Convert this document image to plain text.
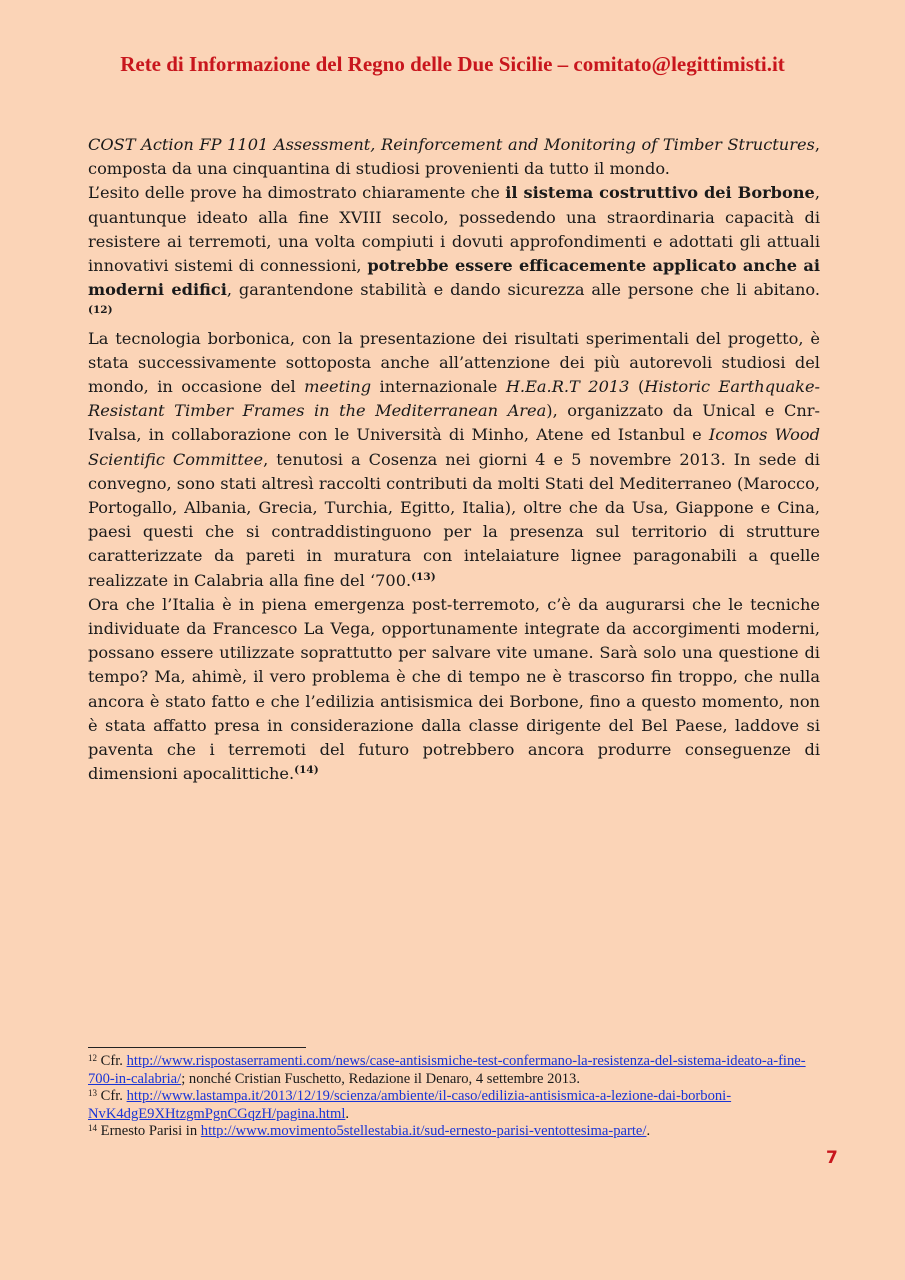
Rete di Informazione del Regno delle Due Sicilie – comitato@legittimisti.it

COST Action FP 1101 Assessment, Reinforcement and Monitoring of Timber Structures, composta da una cinquantina di studiosi provenienti da tutto il mondo.

L’esito delle prove ha dimostrato chiaramente che il sistema costruttivo dei Borbone, quantunque ideato alla fine XVIII secolo, possedendo una straordinaria capacità di resistere ai terremoti, una volta compiuti i dovuti approfondimenti e adottati gli attuali innovativi sistemi di connessioni, potrebbe essere efficacemente applicato anche ai moderni edifici, garantendone stabilità e dando sicurezza alle persone che li abitano.$^{(12)}$

La tecnologia borbonica, con la presentazione dei risultati sperimentali del progetto, è stata successivamente sottoposta anche all’attenzione dei più autorevoli studiosi del mondo, in occasione del meeting internazionale H.Ea.R.T 2013 (Historic Earthquake-Resistant Timber Frames in the Mediterranean Area), organizzato da Unical e Cnr-Ivalsa, in collaborazione con le Università di Minho, Atene ed Istanbul e Icomos Wood Scientific Committee, tenutosi a Cosenza nei giorni 4 e 5 novembre 2013. In sede di convegno, sono stati altresì raccolti contributi da molti Stati del Mediterraneo (Marocco, Portogallo, Albania, Grecia, Turchia, Egitto, Italia), oltre che da Usa, Giappone e Cina, paesi questi che si contraddistinguono per la presenza sul territorio di strutture caratterizzate da pareti in muratura con intelaiature lignee paragonabili a quelle realizzate in Calabria alla fine del ‘700.$^{(13)}$

Ora che l’Italia è in piena emergenza post-terremoto, c’è da augurarsi che le tecniche individuate da Francesco La Vega, opportunamente integrate da accorgimenti moderni, possano essere utilizzate soprattutto per salvare vite umane. Sarà solo una questione di tempo? Ma, ahimè, il vero problema è che di tempo ne è trascorso fin troppo, che nulla ancora è stato fatto e che l’edilizia antisismica dei Borbone, fino a questo momento, non è stata affatto presa in considerazione dalla classe dirigente del Bel Paese, laddove si paventa che i terremoti del futuro potrebbero ancora produrre conseguenze di dimensioni apocalittiche.$^{(14)}$

$^{12}$ Cfr. http://www.rispostaserramenti.com/news/case-antisismiche-test-confermano-la-resistenza-del-sistema-ideato-a-fine-700-in-calabria/; nonché Cristian Fuschetto, Redazione il Denaro, 4 settembre 2013.

$^{13}$ Cfr. http://www.lastampa.it/2013/12/19/scienza/ambiente/il-caso/edilizia-antisismica-a-lezione-dai-borboni-NvK4dgE9XHtzgmPgnCGqzH/pagina.html.

$^{14}$ Ernesto Parisi in http://www.movimento5stellestabia.it/sud-ernesto-parisi-ventottesima-parte/.

7
